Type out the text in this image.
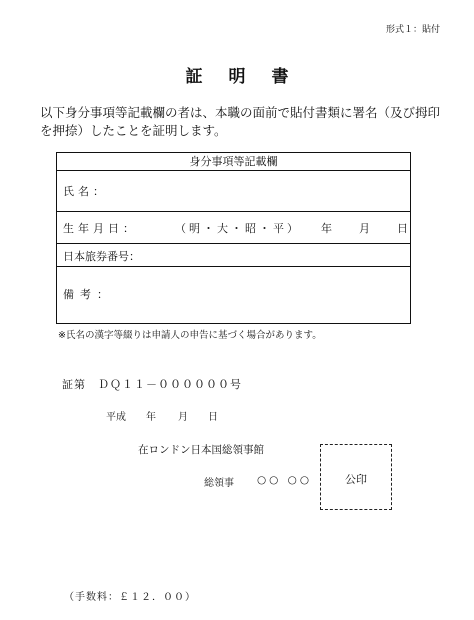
形式１：貼付
証明書
以下身分事項等記載欄の者は、本職の面前で貼付書類に署名（及び拇印を押捺）したことを証明します。
身分事項等記載欄
氏名：
生年月日：	（明・大・昭・平） 年 月 日
日本旅券番号：
備考：
※氏名の漢字等綴りは申請人の申告に基づく場合があります。
証第　ＤＱ１１－００００００号
平成 年 月 日
在ロンドン日本国総領事館
総領事 ○○ ○○	公印
（手数料：￡１２．００）
